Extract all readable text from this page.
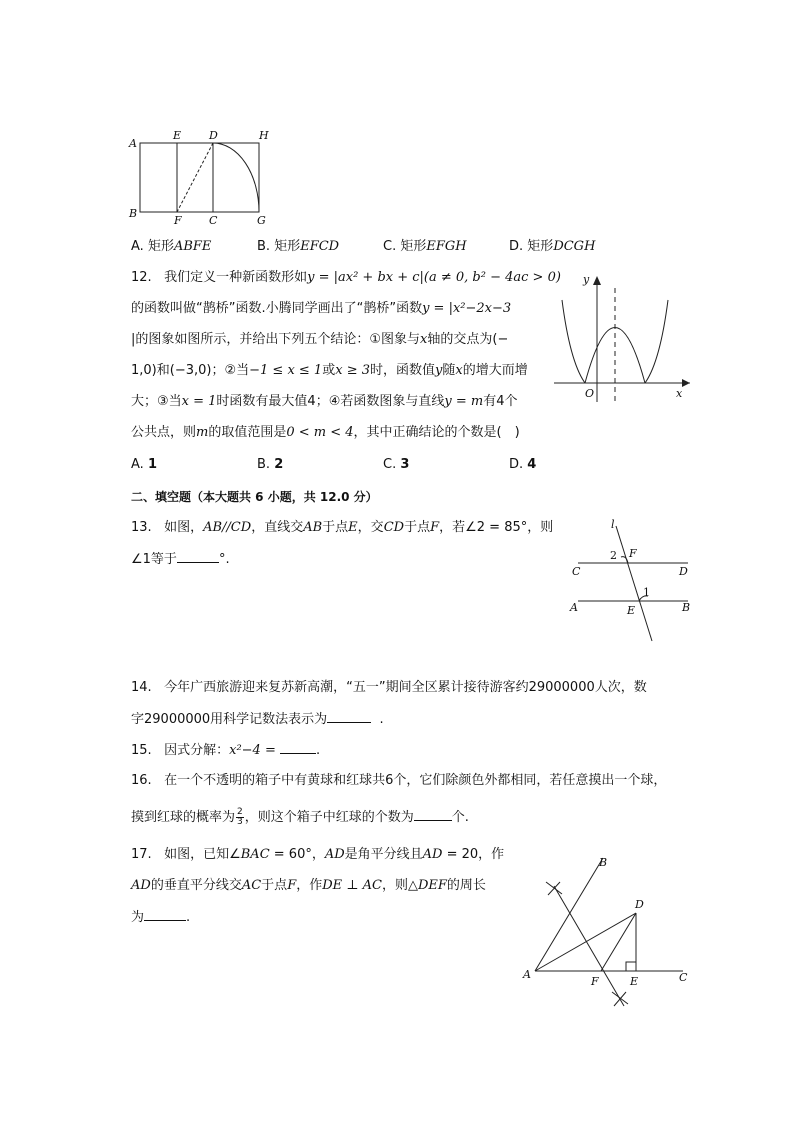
A
B
E
F
D
C
H
G
A. 矩形ABFE	B. 矩形EFCD	C. 矩形EFGH	D. 矩形DCGH
12. 我们定义一种新函数形如y = |ax² + bx + c|(a ≠ 0, b² − 4ac > 0)
的函数叫做“鹊桥”函数.小腾同学画出了“鹊桥”函数y = |x²−2x−3
|的图象如图所示，并给出下列五个结论：①图象与x轴的交点为(−
1,0)和(−3,0)；②当−1 ≤ x ≤ 1或x ≥ 3时，函数值y随x的增大而增
大；③当x = 1时函数有最大值4；④若函数图象与直线y = m有4个
公共点，则m的取值范围是0 < m < 4，其中正确结论的个数是(　)
A. 1	B. 2	C. 3	D. 4
y
x
O
二、填空题（本大题共 6 小题，共 12.0 分）
13. 如图，AB//CD，直线交AB于点E，交CD于点F，若∠2 = 85°，则
∠1等于	°.
l
2 F
C	D
1
A	E	B
14. 今年广西旅游迎来复苏新高潮，“五一”期间全区累计接待游客约29000000人次，数
字29000000用科学记数法表示为	.
15. 因式分解：x²−4 =	.
16. 在一个不透明的箱子中有黄球和红球共6个，它们除颜色外都相同，若任意摸出一个球，
摸到红球的概率为 $\frac{2}{3}$ ，则这个箱子中红球的个数为	个.
17. 如图，已知∠BAC = 60°，AD是角平分线且AD = 20，作
AD的垂直平分线交AC于点F，作DE ⊥ AC，则△DEF的周长
为	.
B
D
A
F	E	C
